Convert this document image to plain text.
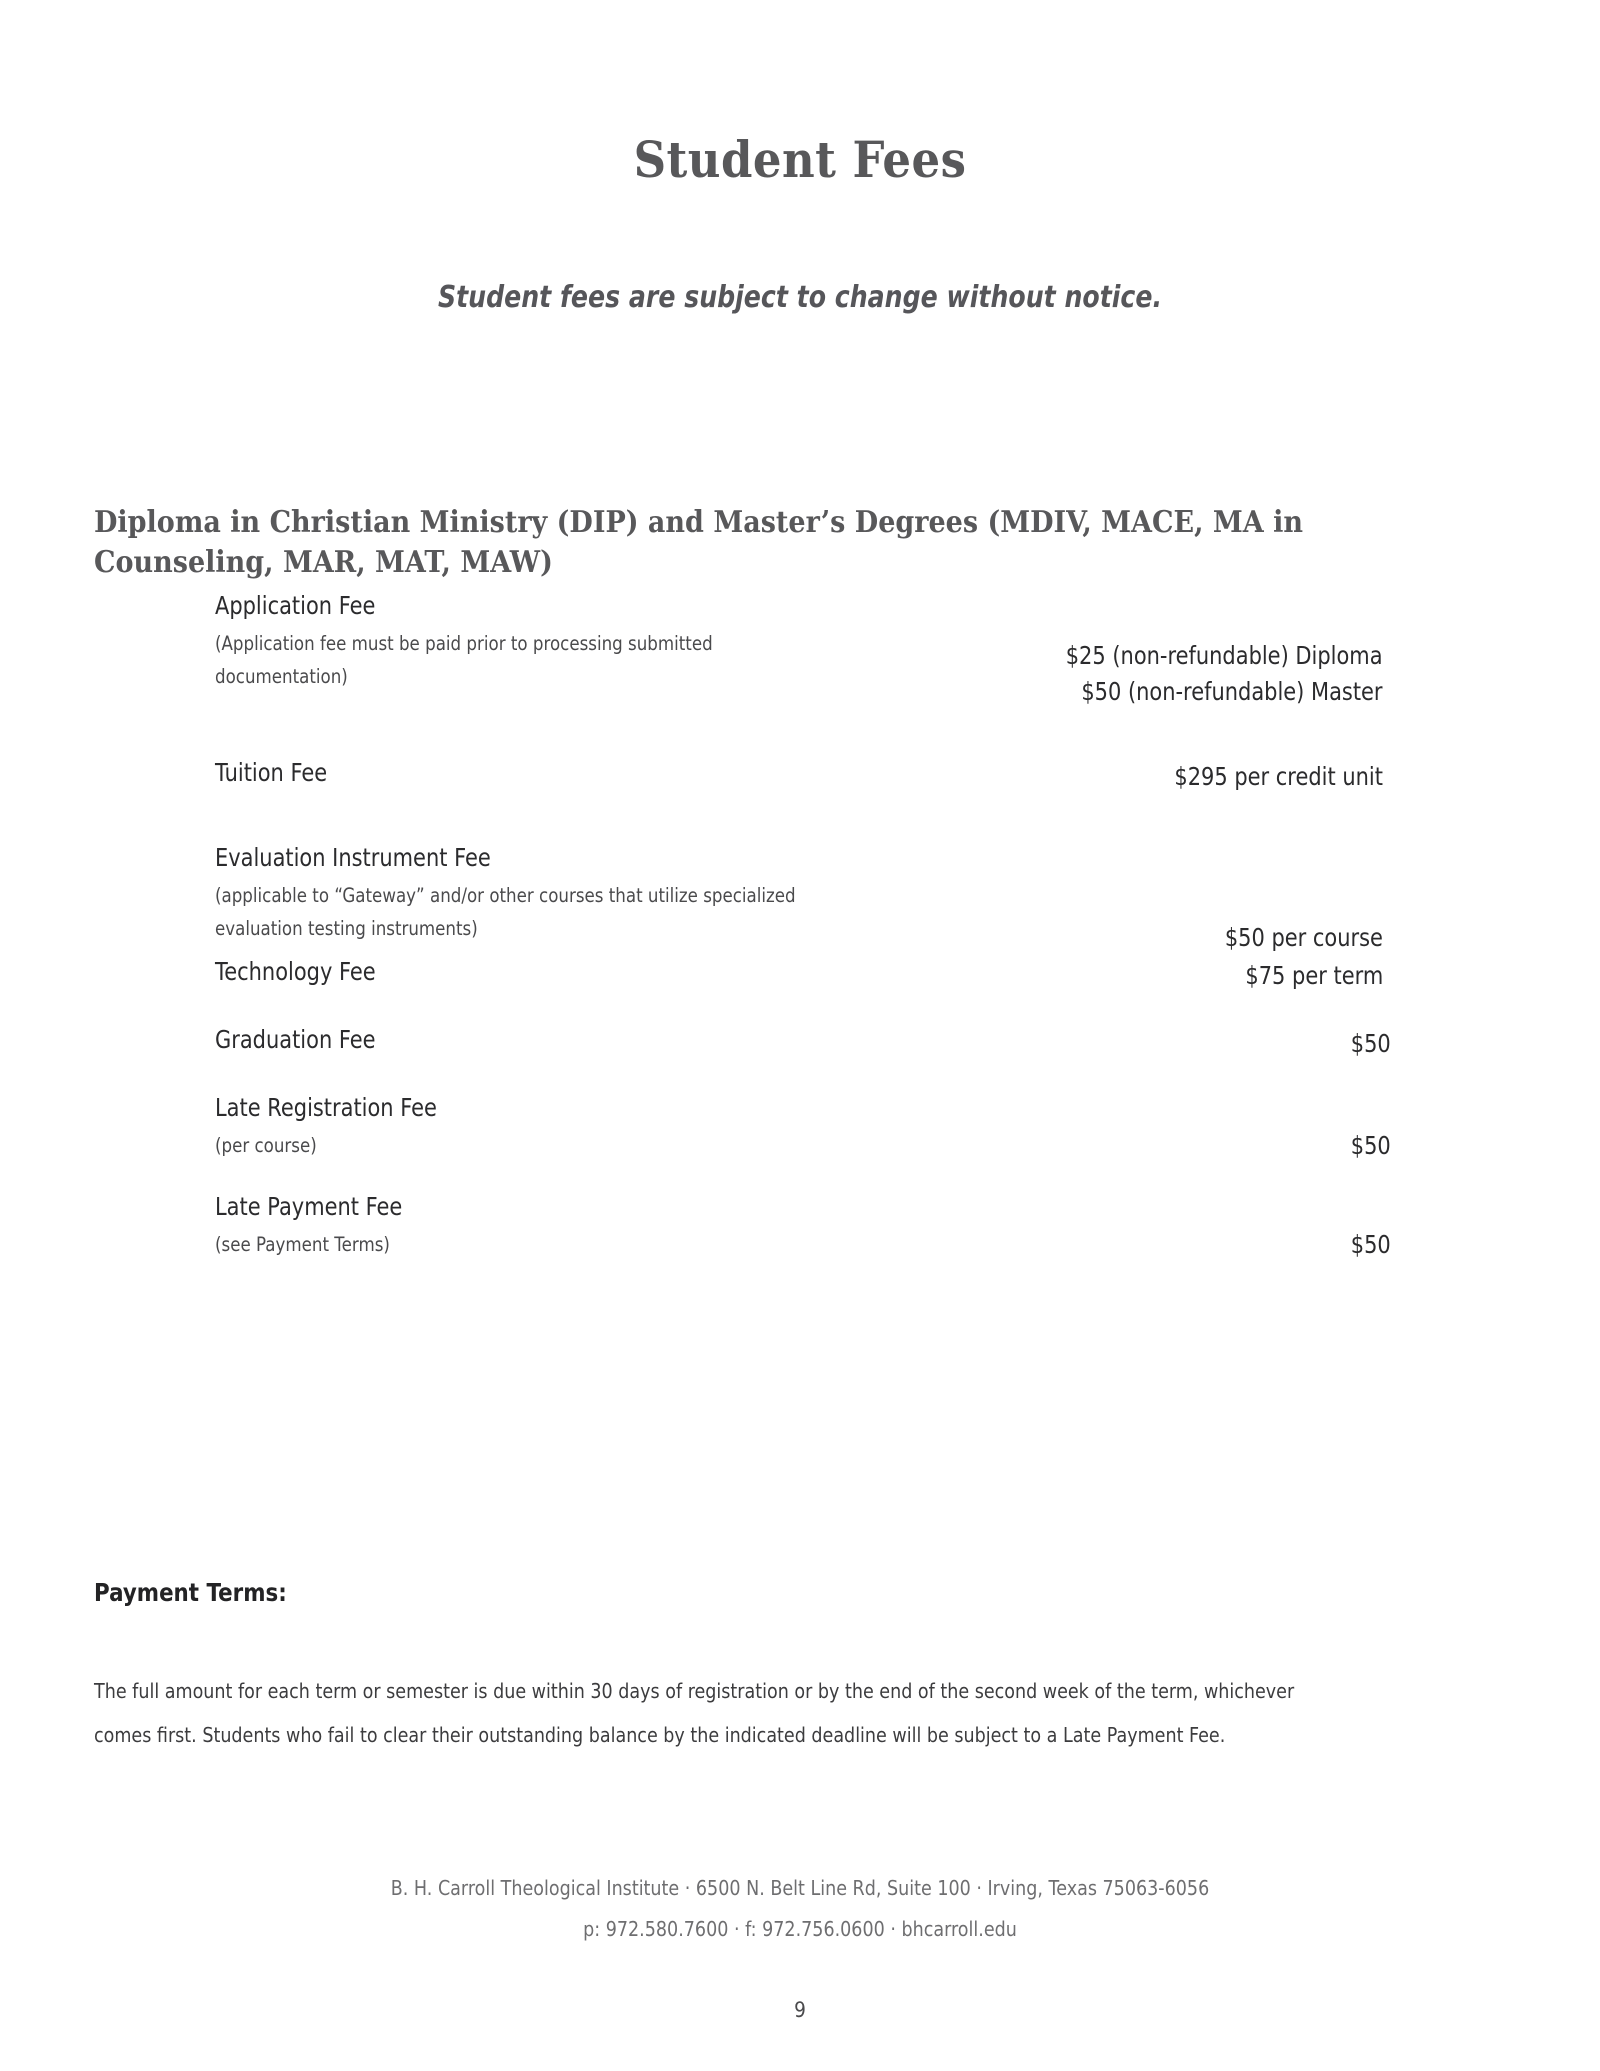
Student Fees
Student fees are subject to change without notice.
Diploma in Christian Ministry (DIP) and Master’s Degrees (MDIV, MACE, MA in Counseling, MAR, MAT, MAW)
Application Fee
(Application fee must be paid prior to processing submitted
documentation)
$25 (non-refundable) Diploma
$50 (non-refundable) Master
Tuition Fee	$295 per credit unit
Evaluation Instrument Fee
(applicable to “Gateway” and/or other courses that utilize specialized
evaluation testing instruments)	$50 per course
Technology Fee	$75 per term
Graduation Fee	$50
Late Registration Fee
(per course)	$50
Late Payment Fee
(see Payment Terms)	$50
Payment Terms:

The full amount for each term or semester is due within 30 days of registration or by the end of the second week of the term, whichever comes first. Students who fail to clear their outstanding balance by the indicated deadline will be subject to a Late Payment Fee.

B. H. Carroll Theological Institute · 6500 N. Belt Line Rd, Suite 100 · Irving, Texas 75063-6056
p: 972.580.7600 · f: 972.756.0600 · bhcarroll.edu
9
